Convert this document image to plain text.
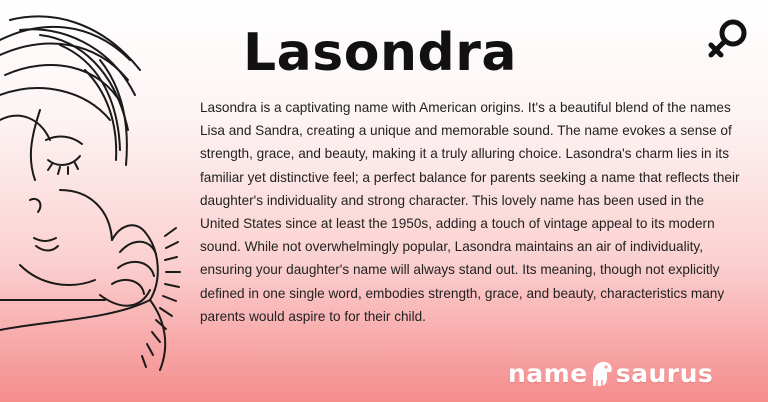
Lasondra

Lasondra is a captivating name with American origins. It's a beautiful blend of the names Lisa and Sandra, creating a unique and memorable sound. The name evokes a sense of strength, grace, and beauty, making it a truly alluring choice. Lasondra's charm lies in its familiar yet distinctive feel; a perfect balance for parents seeking a name that reflects their daughter's individuality and strong character. This lovely name has been used in the United States since at least the 1950s, adding a touch of vintage appeal to its modern sound. While not overwhelmingly popular, Lasondra maintains an air of individuality, ensuring your daughter's name will always stand out. Its meaning, though not explicitly defined in one single word, embodies strength, grace, and beauty, characteristics many parents would aspire to for their child.

name saurus
